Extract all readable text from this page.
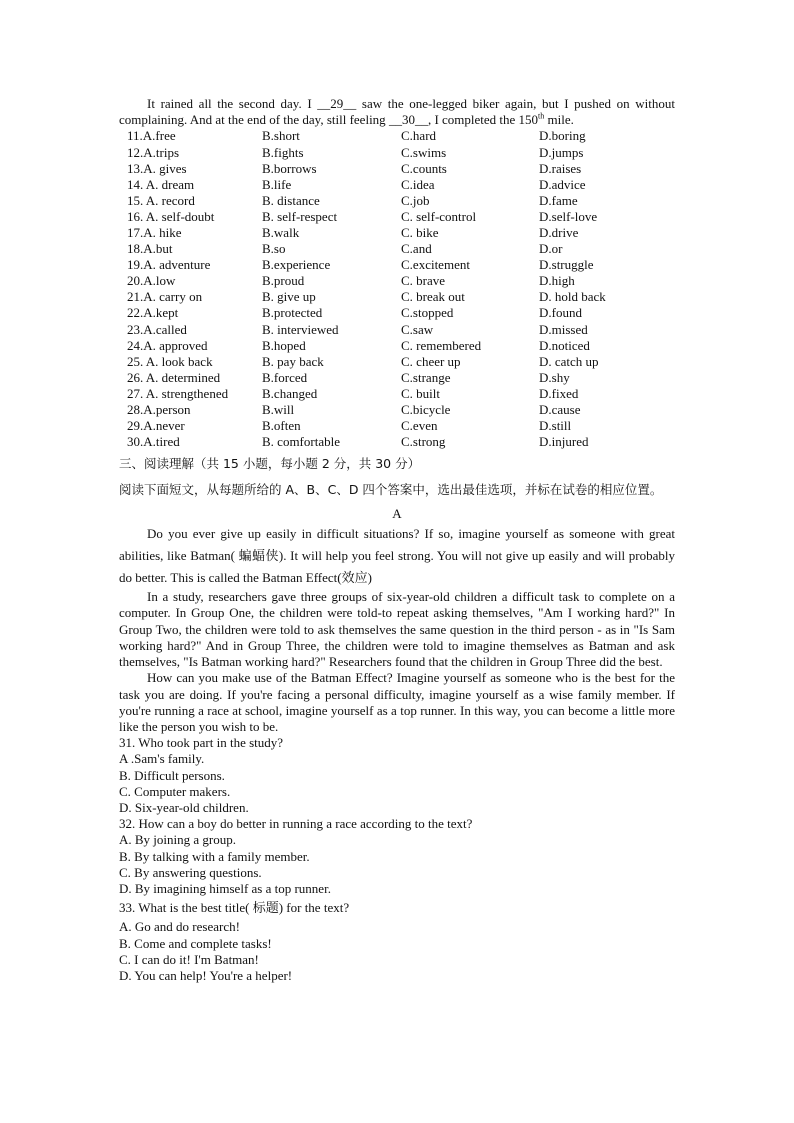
It rained all the second day. I __29__ saw the one-legged biker again, but I pushed on without complaining. And at the end of the day, still feeling __30__, I completed the 150th mile.

11.A.free	B.short	C.hard	D.boring
12.A.trips	B.fights	C.swims	D.jumps
13.A. gives	B.borrows	C.counts	D.raises
14. A. dream	B.life	C.idea	D.advice
15. A. record	B. distance	C.job	D.fame
16. A. self-doubt	B. self-respect	C. self-control	D.self-love
17.A. hike	B.walk	C. bike	D.drive
18.A.but	B.so	C.and	D.or
19.A. adventure	B.experience	C.excitement	D.struggle
20.A.low	B.proud	C. brave	D.high
21.A. carry on	B. give up	C. break out	D. hold back
22.A.kept	B.protected	C.stopped	D.found
23.A.called	B. interviewed	C.saw	D.missed
24.A. approved	B.hoped	C. remembered	D.noticed
25. A. look back	B. pay back	C. cheer up	D. catch up
26. A. determined	B.forced	C.strange	D.shy
27. A. strengthened	B.changed	C. built	D.fixed
28.A.person	B.will	C.bicycle	D.cause
29.A.never	B.often	C.even	D.still
30.A.tired	B. comfortable	C.strong	D.injured

三、阅读理解（共 15 小题，每小题 2 分，共 30 分）

阅读下面短文，从每题所给的 A、B、C、D 四个答案中，选出最佳选项，并标在试卷的相应位置。

A

Do you ever give up easily in difficult situations? If so, imagine yourself as someone with great abilities, like Batman( 蝙蝠侠). It will help you feel strong. You will not give up easily and will probably do better. This is called the Batman Effect(效应)

In a study, researchers gave three groups of six-year-old children a difficult task to complete on a computer. In Group One, the children were told-to repeat asking themselves, "Am I working hard?" In Group Two, the children were told to ask themselves the same question in the third person - as in "Is Sam working hard?" And in Group Three, the children were told to imagine themselves as Batman and ask themselves, "Is Batman working hard?" Researchers found that the children in Group Three did the best.

How can you make use of the Batman Effect? Imagine yourself as someone who is the best for the task you are doing. If you're facing a personal difficulty, imagine yourself as a wise family member. If you're running a race at school, imagine yourself as a top runner. In this way, you can become a little more like the person you wish to be.

31. Who took part in the study?

A .Sam's family.

B. Difficult persons.

C. Computer makers.

D. Six-year-old children.

32. How can a boy do better in running a race according to the text?

A. By joining a group.

B. By talking with a family member.

C. By answering questions.

D. By imagining himself as a top runner.

33. What is the best title( 标题) for the text?

A. Go and do research!

B. Come and complete tasks!

C. I can do it! I'm Batman!

D. You can help! You're a helper!
